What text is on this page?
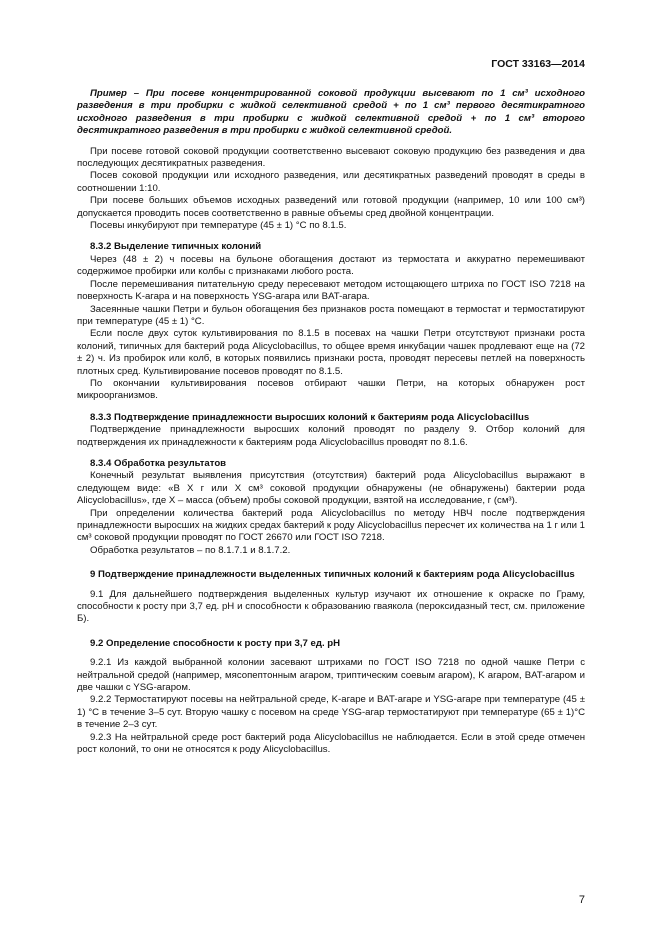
ГОСТ 33163—2014

Пример – При посеве концентрированной соковой продукции высевают по 1 см³ исходного разведения в три пробирки с жидкой селективной средой + по 1 см³ первого десятикратного исходного разведения в три пробирки с жидкой селективной средой + по 1 см³ второго десятикратного разведения в три пробирки с жидкой селективной средой.

При посеве готовой соковой продукции соответственно высевают соковую продукцию без разведения и два последующих десятикратных разведения.

Посев соковой продукции или исходного разведения, или десятикратных разведений проводят в среды в соотношении 1:10.

При посеве больших объемов исходных разведений или готовой продукции (например, 10 или 100 см³) допускается проводить посев соответственно в равные объемы сред двойной концентрации.

Посевы инкубируют при температуре (45 ± 1) °С по 8.1.5.

8.3.2 Выделение типичных колоний

Через (48 ± 2) ч посевы на бульоне обогащения достают из термостата и аккуратно перемешивают содержимое пробирки или колбы с признаками любого роста.

После перемешивания питательную среду пересевают методом истощающего штриха по ГОСТ ISO 7218 на поверхность K-агара и на поверхность YSG-агара или BAT-агара.

Засеянные чашки Петри и бульон обогащения без признаков роста помещают в термостат и термостатируют при температуре (45 ± 1) °С.

Если после двух суток культивирования по 8.1.5 в посевах на чашки Петри отсутствуют признаки роста колоний, типичных для бактерий рода Alicyclobacillus, то общее время инкубации чашек продлевают еще на (72 ± 2) ч. Из пробирок или колб, в которых появились признаки роста, проводят пересевы петлей на поверхность плотных сред. Культивирование посевов проводят по 8.1.5.

По окончании культивирования посевов отбирают чашки Петри, на которых обнаружен рост микроорганизмов.

8.3.3 Подтверждение принадлежности выросших колоний к бактериям рода Alicyclobacillus

Подтверждение принадлежности выросших колоний проводят по разделу 9. Отбор колоний для подтверждения их принадлежности к бактериям рода Alicyclobacillus проводят по 8.1.6.

8.3.4 Обработка результатов

Конечный результат выявления присутствия (отсутствия) бактерий рода Alicyclobacillus выражают в следующем виде: «В X г или X см³ соковой продукции обнаружены (не обнаружены) бактерии рода Alicyclobacillus», где X – масса (объем) пробы соковой продукции, взятой на исследование, г (см³).

При определении количества бактерий рода Alicyclobacillus по методу НВЧ после подтверждения принадлежности выросших на жидких средах бактерий к роду Alicyclobacillus пересчет их количества на 1 г или 1 см³ соковой продукции проводят по ГОСТ 26670 или ГОСТ ISO 7218.

Обработка результатов – по 8.1.7.1 и 8.1.7.2.

9 Подтверждение принадлежности выделенных типичных колоний к бактериям рода Alicyclobacillus

9.1 Для дальнейшего подтверждения выделенных культур изучают их отношение к окраске по Граму, способности к росту при 3,7 ед. рН и способности к образованию гваякола (пероксидазный тест, см. приложение Б).

9.2 Определение способности к росту при 3,7 ед. рН

9.2.1 Из каждой выбранной колонии засевают штрихами по ГОСТ ISO 7218 по одной чашке Петри с нейтральной средой (например, мясопептонным агаром, триптическим соевым агаром), K агаром, BAT-агаром и две чашки с YSG-агаром.

9.2.2 Термостатируют посевы на нейтральной среде, K-агаре и BAT-агаре и YSG-агаре при температуре (45 ± 1) °С в течение 3–5 сут. Вторую чашку с посевом на среде YSG-агар термостатируют при температуре (65 ± 1)°С в течение 2–3 сут.

9.2.3 На нейтральной среде рост бактерий рода Alicyclobacillus не наблюдается. Если в этой среде отмечен рост колоний, то они не относятся к роду Alicyclobacillus.

7
